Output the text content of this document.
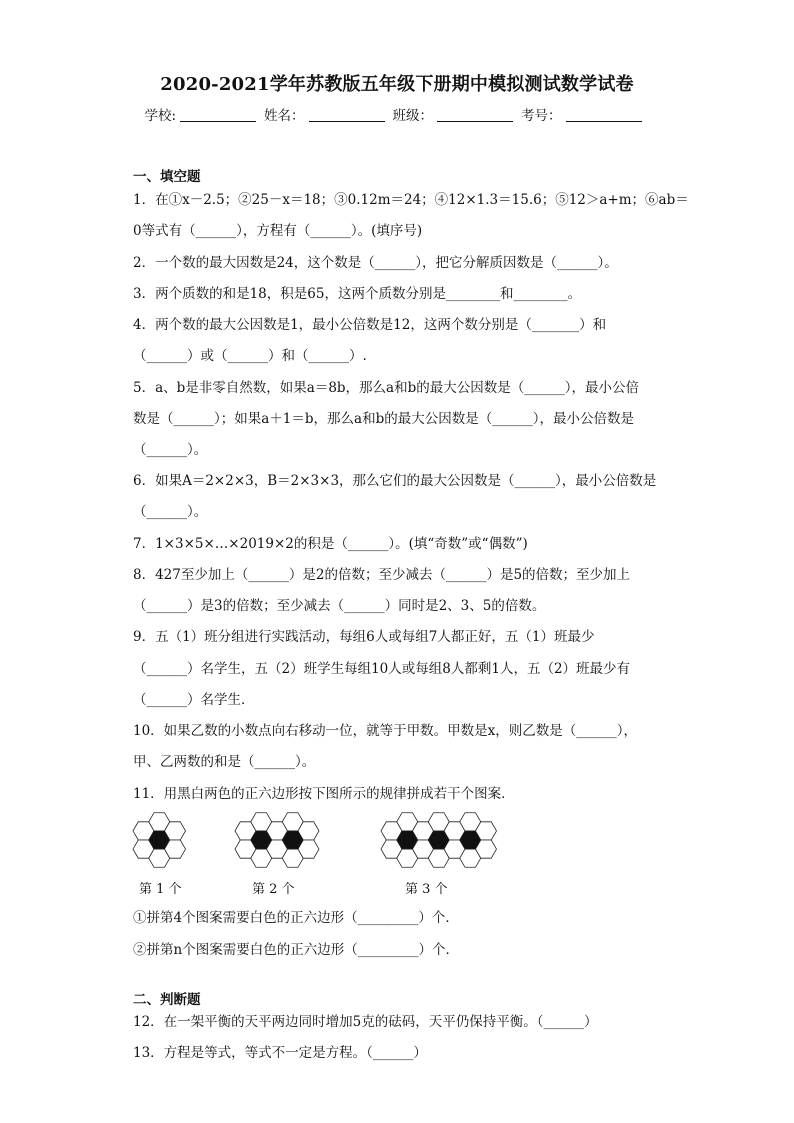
2020-2021学年苏教版五年级下册期中模拟测试数学试卷
学校:	姓名：	班级：	考号：
一、填空题
1．在①x－2.5；②25－x＝18；③0.12m＝24；④12×1.3＝15.6；⑤12＞a+m；⑥ab＝
0等式有（______），方程有（______）。(填序号)
2．一个数的最大因数是24，这个数是（______），把它分解质因数是（______）。
3．两个质数的和是18，积是65，这两个质数分别是________和________。
4．两个数的最大公因数是1，最小公倍数是12，这两个数分别是（_______）和
（______）或（______）和（______）.
5．a、b是非零自然数，如果a＝8b，那么a和b的最大公因数是（______），最小公倍
数是（______）；如果a＋1＝b，那么a和b的最大公因数是（______），最小公倍数是
（______）。
6．如果A＝2×2×3，B＝2×3×3，那么它们的最大公因数是（______），最小公倍数是
（______）。
7．1×3×5×…×2019×2的积是（______）。(填“奇数”或“偶数”)
8．427至少加上（______）是2的倍数；至少减去（______）是5的倍数；至少加上
（______）是3的倍数；至少减去（______）同时是2、3、5的倍数。
9．五（1）班分组进行实践活动，每组6人或每组7人都正好，五（1）班最少
（______）名学生，五（2）班学生每组10人或每组8人都剩1人，五（2）班最少有
（______）名学生．
10．如果乙数的小数点向右移动一位，就等于甲数。甲数是x，则乙数是（______），
甲、乙两数的和是（______）。
11．用黑白两色的正六边形按下图所示的规律拼成若干个图案．
第 1 个	第 2 个	第 3 个
①拼第4个图案需要白色的正六边形（_________）个．
②拼第n个图案需要白色的正六边形（_________）个．
二、判断题
12．在一架平衡的天平两边同时增加5克的砝码，天平仍保持平衡。（______）
13．方程是等式，等式不一定是方程。（______）
